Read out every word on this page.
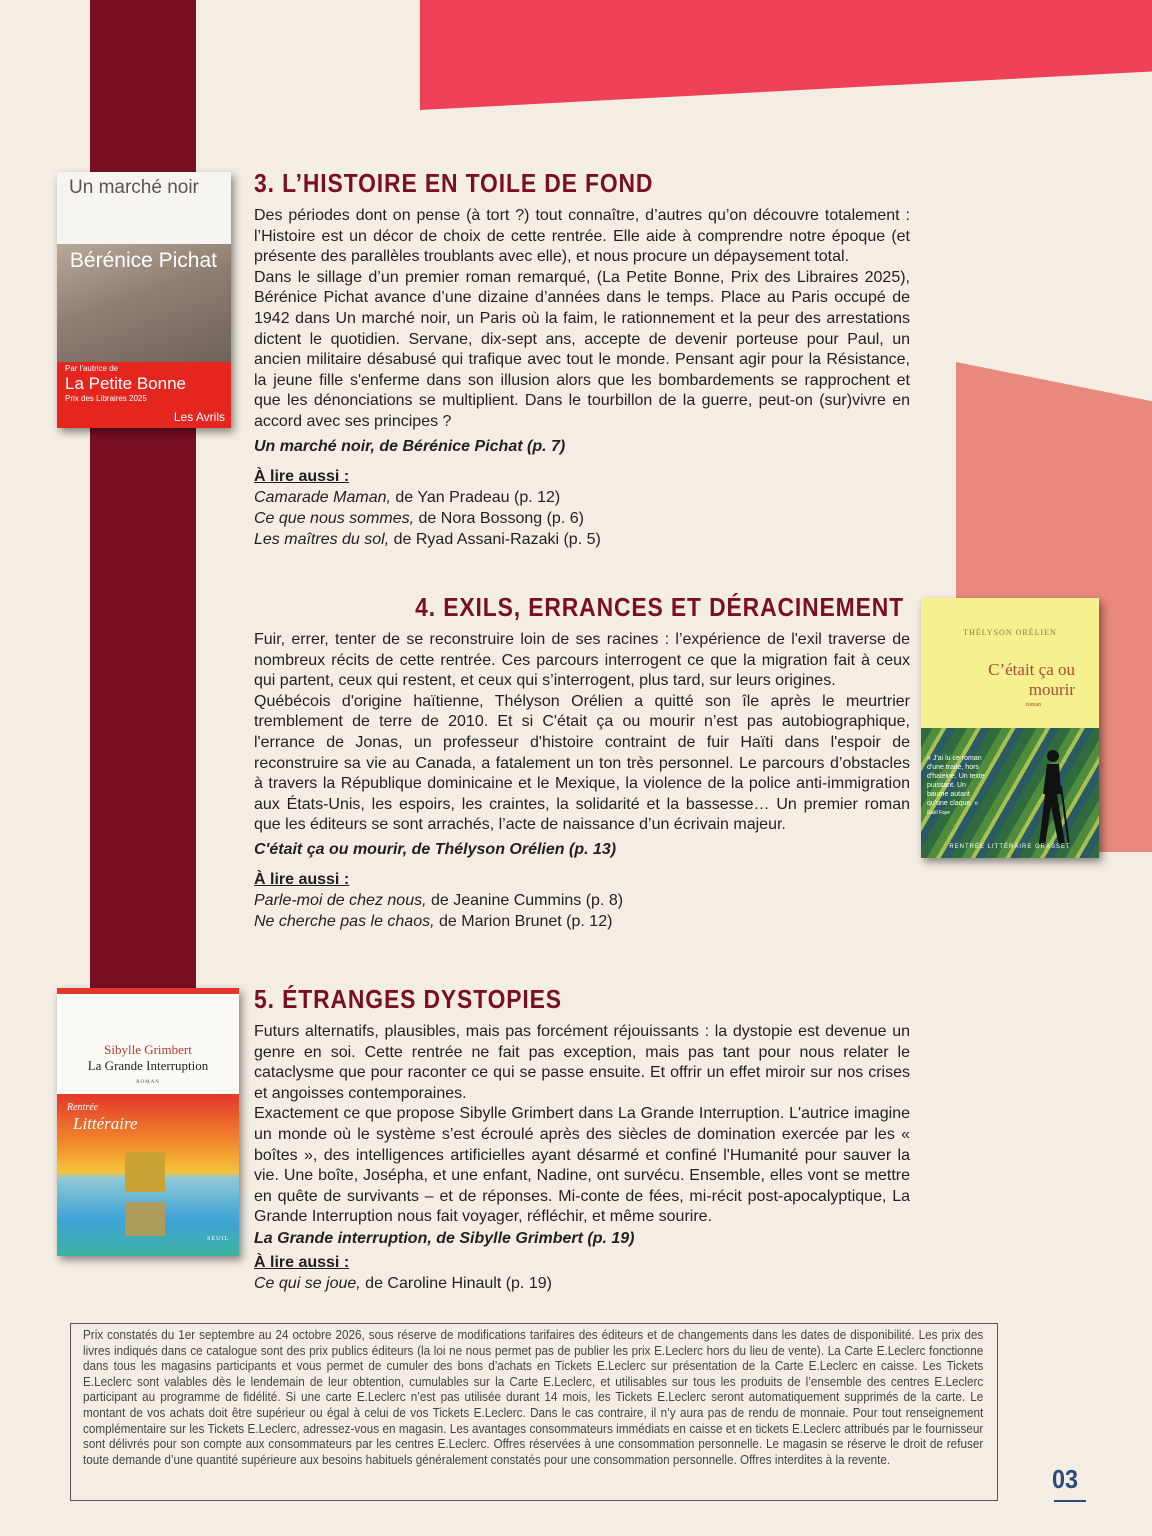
Un marché noir
Bérénice Pichat
Par l'autrice de
La Petite Bonne
Prix des Libraires 2025
Les Avrils
3. L’HISTOIRE EN TOILE DE FOND

Des périodes dont on pense (à tort ?) tout connaître, d’autres qu’on découvre totalement : l’Histoire est un décor de choix de cette rentrée. Elle aide à comprendre notre époque (et présente des parallèles troublants avec elle), et nous procure un dépaysement total.

Dans le sillage d’un premier roman remarqué, (La Petite Bonne, Prix des Libraires 2025), Bérénice Pichat avance d’une dizaine d’années dans le temps. Place au Paris occupé de 1942 dans Un marché noir, un Paris où la faim, le rationnement et la peur des arrestations dictent le quotidien. Servane, dix-sept ans, accepte de devenir porteuse pour Paul, un ancien militaire désabusé qui trafique avec tout le monde. Pensant agir pour la Résistance, la jeune fille s'enferme dans son illusion alors que les bombardements se rapprochent et que les dénonciations se multiplient. Dans le tourbillon de la guerre, peut-on (sur)vivre en accord avec ses principes ?

Un marché noir, de Bérénice Pichat (p. 7)
À lire aussi :
Camarade Maman, de Yan Pradeau (p. 12)
Ce que nous sommes, de Nora Bossong (p. 6)
Les maîtres du sol, de Ryad Assani-Razaki (p. 5)
4. EXILS, ERRANCES ET DÉRACINEMENT

Fuir, errer, tenter de se reconstruire loin de ses racines : l’expérience de l'exil traverse de nombreux récits de cette rentrée. Ces parcours interrogent ce que la migration fait à ceux qui partent, ceux qui restent, et ceux qui s’interrogent, plus tard, sur leurs origines.

Québécois d'origine haïtienne, Thélyson Orélien a quitté son île après le meurtrier tremblement de terre de 2010. Et si C'était ça ou mourir n’est pas autobiographique, l'errance de Jonas, un professeur d'histoire contraint de fuir Haïti dans l'espoir de reconstruire sa vie au Canada, a fatalement un ton très personnel. Le parcours d’obstacles à travers la République dominicaine et le Mexique, la violence de la police anti-immigration aux États-Unis, les espoirs, les craintes, la solidarité et la bassesse… Un premier roman que les éditeurs se sont arrachés, l’acte de naissance d’un écrivain majeur.

C'était ça ou mourir, de Thélyson Orélien (p. 13)
À lire aussi :
Parle-moi de chez nous, de Jeanine Cummins (p. 8)
Ne cherche pas le chaos, de Marion Brunet (p. 12)
THÉLYSON ORÉLIEN
C’était ça ou mourir
roman
« J'ai lu ce roman d'une traite, hors d'haleine. Un texte puissant. Un baume autant qu'une claque. »
Gaël Faye
RENTRÉE LITTÉRAIRE GRASSET
Sibylle Grimbert
La Grande Interruption
ROMAN
Rentrée
Littéraire
SEUIL
5. ÉTRANGES DYSTOPIES

Futurs alternatifs, plausibles, mais pas forcément réjouissants : la dystopie est devenue un genre en soi. Cette rentrée ne fait pas exception, mais pas tant pour nous relater le cataclysme que pour raconter ce qui se passe ensuite. Et offrir un effet miroir sur nos crises et angoisses contemporaines.

Exactement ce que propose Sibylle Grimbert dans La Grande Interruption. L'autrice imagine un monde où le système s’est écroulé après des siècles de domination exercée par les « boîtes », des intelligences artificielles ayant désarmé et confiné l'Humanité pour sauver la vie. Une boîte, Josépha, et une enfant, Nadine, ont survécu. Ensemble, elles vont se mettre en quête de survivants – et de réponses. Mi-conte de fées, mi-récit post-apocalyptique, La Grande Interruption nous fait voyager, réfléchir, et même sourire.

La Grande interruption, de Sibylle Grimbert (p. 19)
À lire aussi :
Ce qui se joue, de Caroline Hinault (p. 19)

Prix constatés du 1er septembre au 24 octobre 2026, sous réserve de modifications tarifaires des éditeurs et de changements dans les dates de disponibilité. Les prix des livres indiqués dans ce catalogue sont des prix publics éditeurs (la loi ne nous permet pas de publier les prix E.Leclerc hors du lieu de vente). La Carte E.Leclerc fonctionne dans tous les magasins participants et vous permet de cumuler des bons d’achats en Tickets E.Leclerc sur présentation de la Carte E.Leclerc en caisse. Les Tickets E.Leclerc sont valables dès le lendemain de leur obtention, cumulables sur la Carte E.Leclerc, et utilisables sur tous les produits de l’ensemble des centres E.Leclerc participant au programme de fidélité. Si une carte E.Leclerc n’est pas utilisée durant 14 mois, les Tickets E.Leclerc seront automatiquement supprimés de la carte. Le montant de vos achats doit être supérieur ou égal à celui de vos Tickets E.Leclerc. Dans le cas contraire, il n’y aura pas de rendu de monnaie. Pour tout renseignement complémentaire sur les Tickets E.Leclerc, adressez-vous en magasin. Les avantages consommateurs immédiats en caisse et en tickets E.Leclerc attribués par le fournisseur sont délivrés pour son compte aux consommateurs par les centres E.Leclerc. Offres réservées à une consommation personnelle. Le magasin se réserve le droit de refuser toute demande d’une quantité supérieure aux besoins habituels généralement constatés pour une consommation personnelle. Offres interdites à la revente.

03
